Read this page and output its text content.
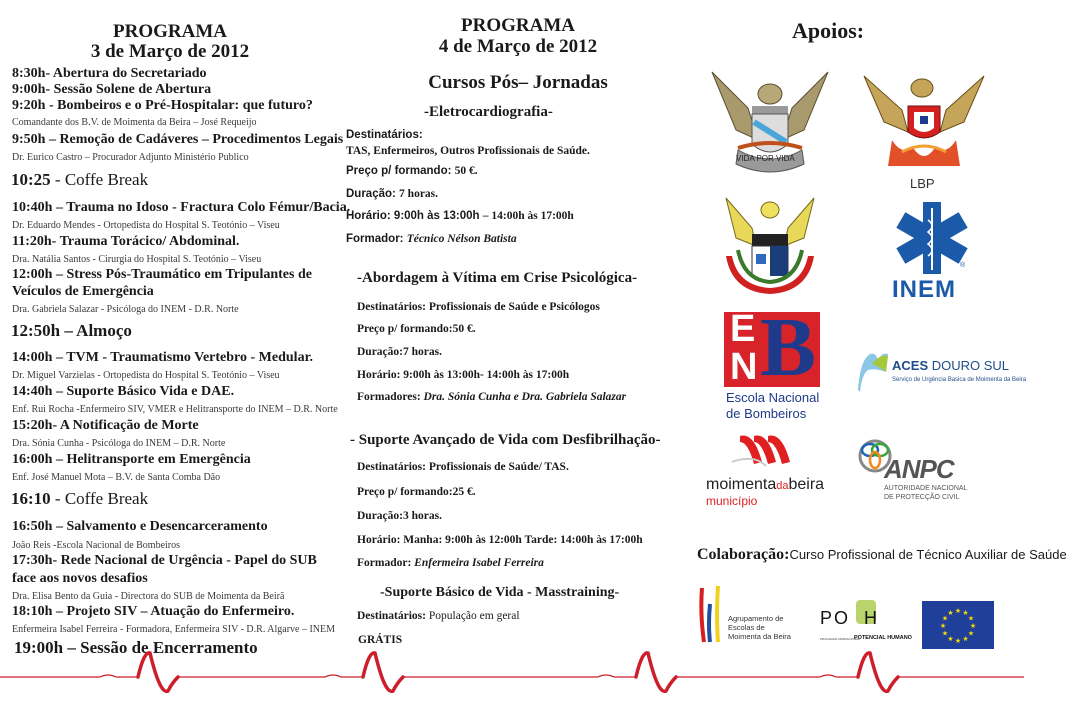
PROGRAMA
3 de Março de 2012
8:30h- Abertura do Secretariado
9:00h- Sessão Solene de Abertura
9:20h - Bombeiros e o Pré-Hospitalar: que futuro?
Comandante dos B.V. de Moimenta da Beira – José Requeijo
9:50h – Remoção de Cadáveres – Procedimentos Legais
Dr. Eurico Castro – Procurador Adjunto Ministério Publico
10:25 - Coffe Break
10:40h – Trauma no Idoso - Fractura Colo Fémur/Bacia.
Dr. Eduardo Mendes - Ortopedista do Hospital S. Teotónio – Viseu
11:20h- Trauma Torácico/ Abdominal.
Dra. Natália Santos - Cirurgia do Hospital S. Teotónio – Viseu
12:00h – Stress Pós-Traumático em Tripulantes de
Veículos de Emergência
Dra. Gabriela Salazar - Psicóloga do INEM - D.R. Norte
12:50h – Almoço
14:00h – TVM - Traumatismo Vertebro - Medular.
Dr. Miguel Varzielas - Ortopedista do Hospital S. Teotónio – Viseu
14:40h – Suporte Básico Vida e DAE.
Enf. Rui Rocha -Enfermeiro SIV, VMER e Helitransporte do INEM – D.R. Norte
15:20h- A Notificação de Morte
Dra. Sónia Cunha - Psicóloga do INEM – D.R. Norte
16:00h – Helitransporte em Emergência
Enf. José Manuel Mota – B.V. de Santa Comba Dão
16:10 - Coffe Break
16:50h – Salvamento e Desencarceramento
João Reis -Escola Nacional de Bombeiros
17:30h- Rede Nacional de Urgência - Papel do SUB
face aos novos desafios
Dra. Elisa Bento da Guia - Directora do SUB de Moimenta da Beirã
18:10h – Projeto SIV – Atuação do Enfermeiro.
Enfermeira Isabel Ferreira - Formadora, Enfermeira SIV - D.R. Algarve – INEM
19:00h – Sessão de Encerramento
PROGRAMA
4 de Março de 2012
Cursos Pós– Jornadas
-Eletrocardiografia-
Destinatários:
TAS, Enfermeiros, Outros Profissionais de Saúde.
Preço p/ formando: 50 €.
Duração: 7 horas.
Horário: 9:00h às 13:00h – 14:00h às 17:00h
Formador: Técnico Nélson Batista
-Abordagem à Vítima em Crise Psicológica-
Destinatários: Profissionais de Saúde e Psicólogos
Preço p/ formando:50 €.
Duração:7 horas.
Horário: 9:00h às 13:00h- 14:00h às 17:00h
Formadores: Dra. Sónia Cunha e Dra. Gabriela Salazar
- Suporte Avançado de Vida com Desfibrilhação-
Destinatários: Profissionais de Saúde/ TAS.
Preço p/ formando:25 €.
Duração:3 horas.
Horário: Manha: 9:00h às 12:00h Tarde: 14:00h às 17:00h
Formador: Enfermeira Isabel Ferreira
-Suporte Básico de Vida - Masstraining-
Destinatários: População em geral
GRÁTIS
Apoios:
VIDA POR VIDA
LBP
®
INEM
E
N B
Escola Nacional
de Bombeiros
ACES DOURO SUL
Serviço de Urgência Basica de Moimenta da Beira
moimentadabeira
município
ANPC
AUTORIDADE NACIONAL
DE PROTECÇÃO CIVIL
Colaboração:Curso Profissional de Técnico Auxiliar de Saúde
Agrupamento de
Escolas de
Moimenta da Beira
PO  H
PROGRAMA OPERACIONAL
POTENCIAL HUMANO
★
★
★
★
★
★
★
★
★ ★ ★
★
